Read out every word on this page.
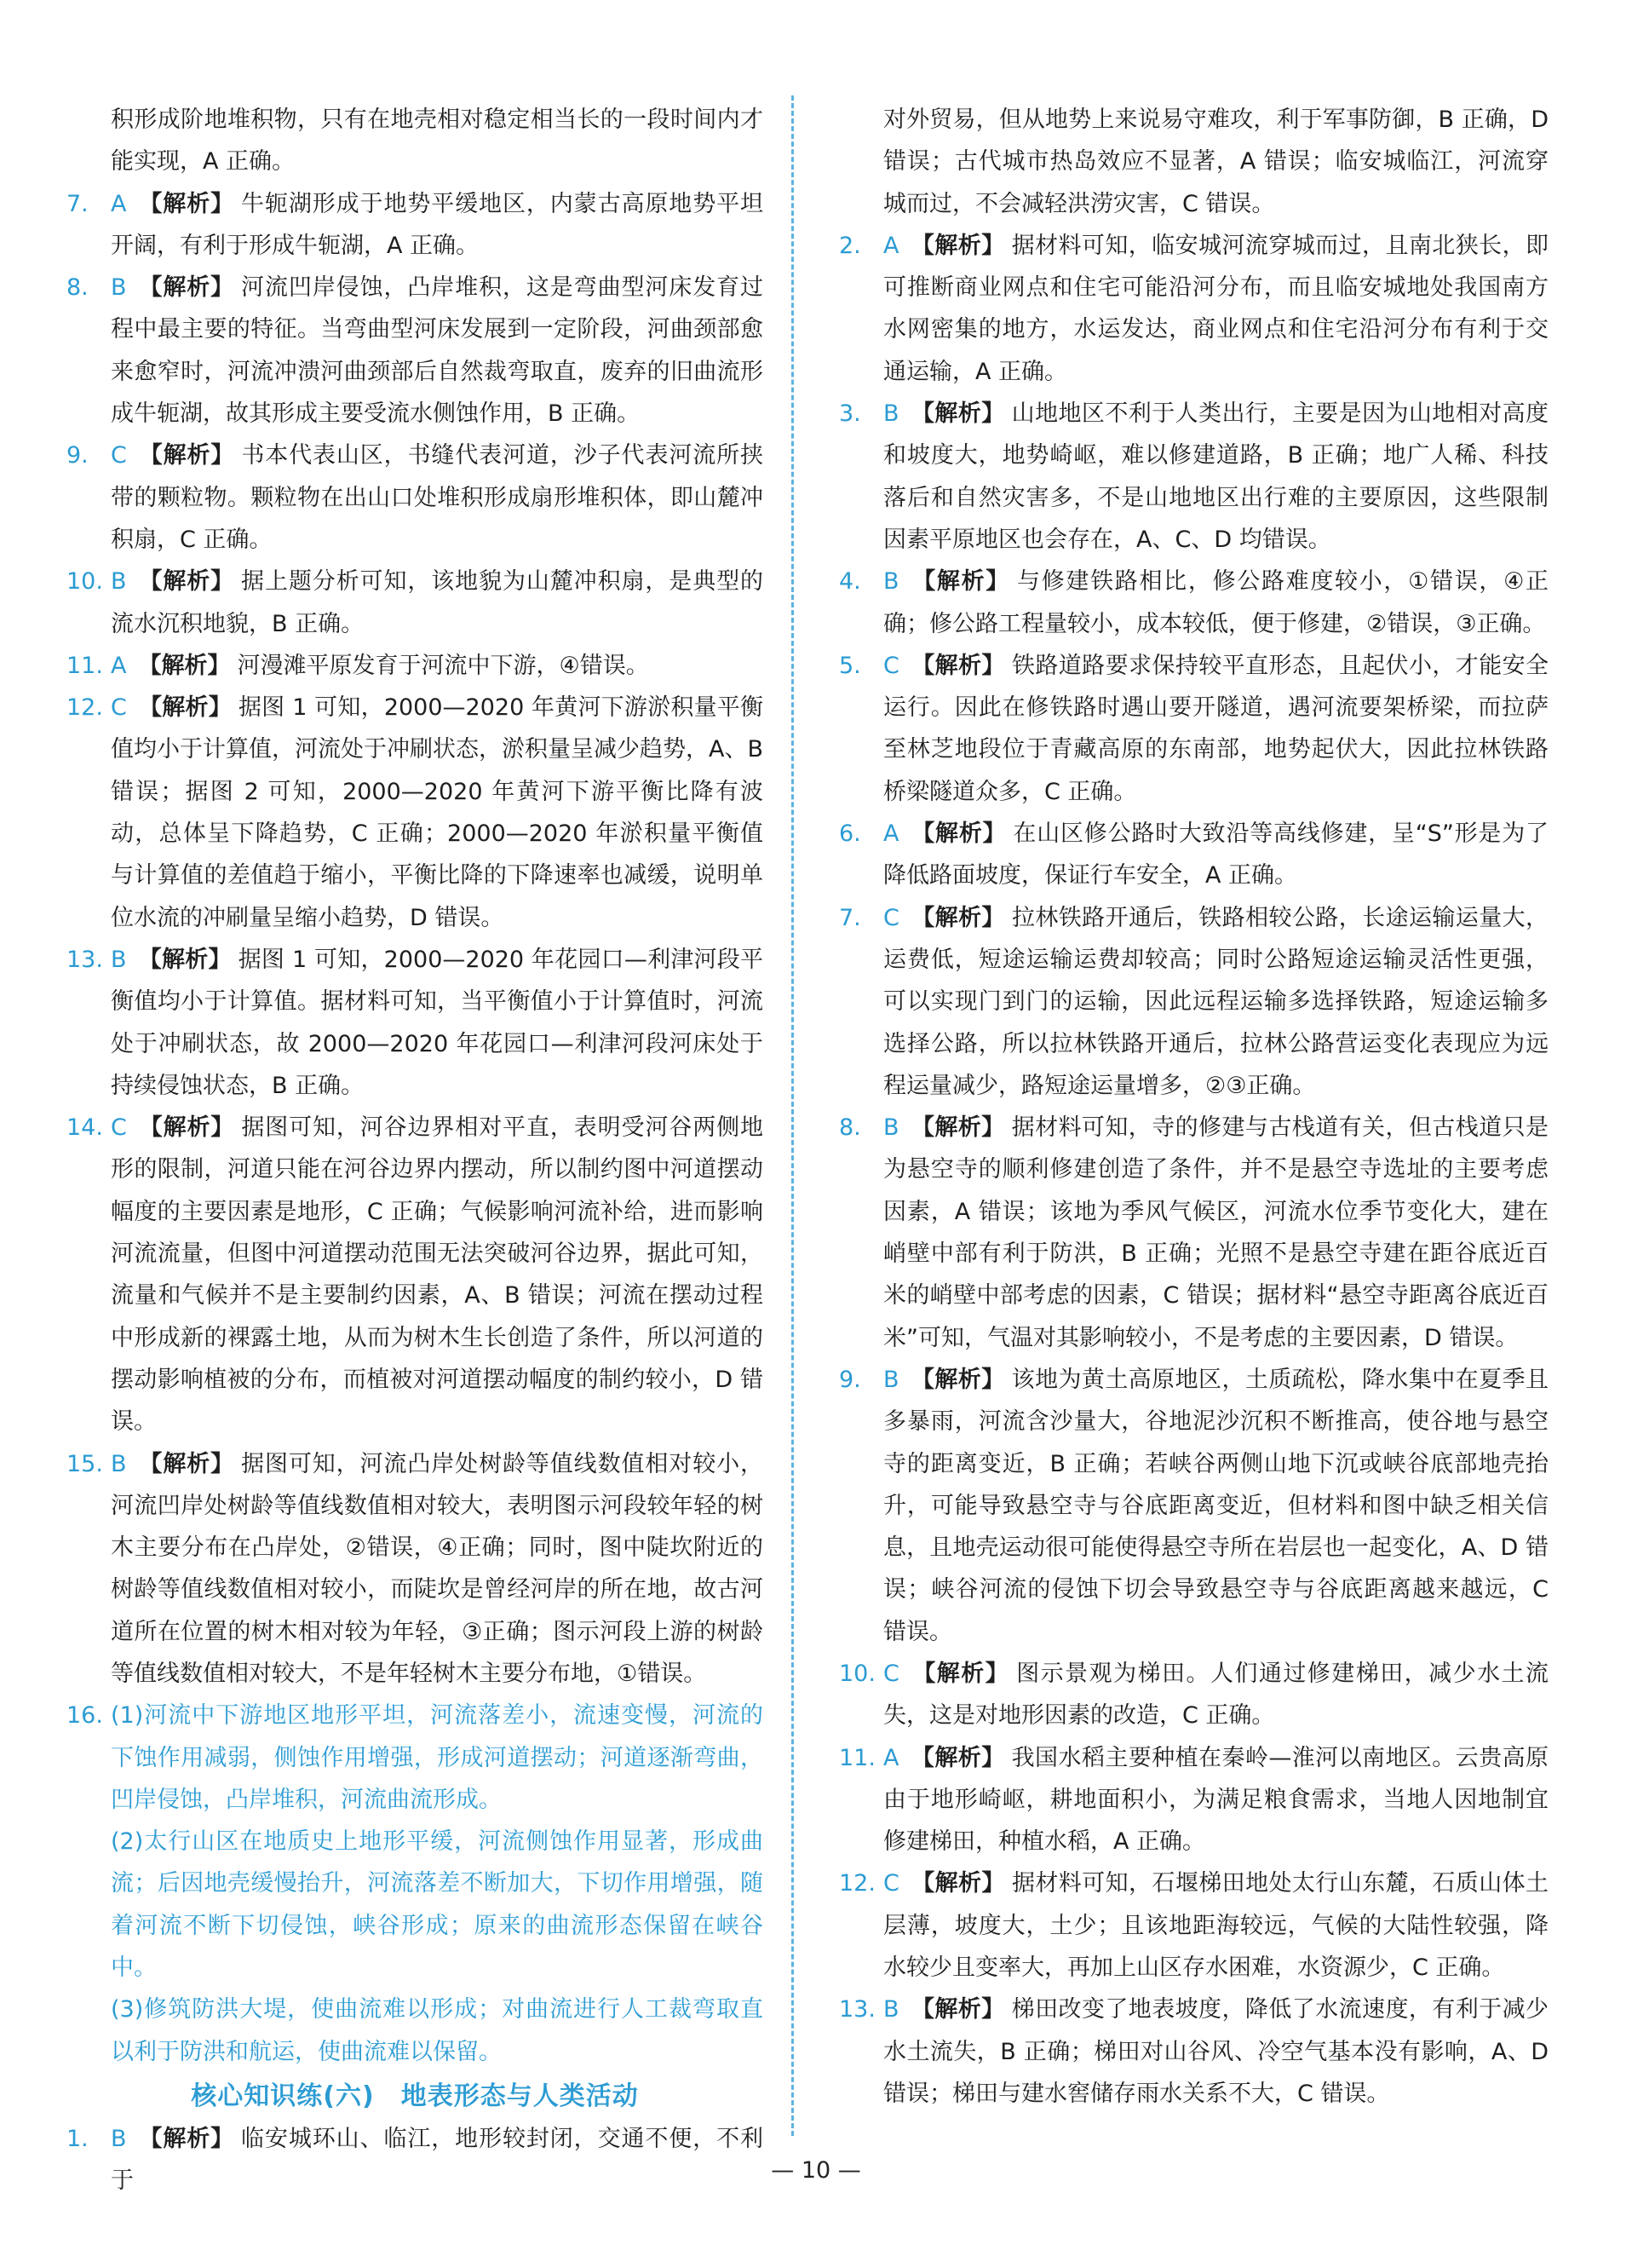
积形成阶地堆积物，只有在地壳相对稳定相当长的一段时间内才能实现，A 正确。

7. A 【解析】 牛轭湖形成于地势平缓地区，内蒙古高原地势平坦开阔，有利于形成牛轭湖，A 正确。

8. B 【解析】 河流凹岸侵蚀，凸岸堆积，这是弯曲型河床发育过程中最主要的特征。当弯曲型河床发展到一定阶段，河曲颈部愈来愈窄时，河流冲溃河曲颈部后自然裁弯取直，废弃的旧曲流形成牛轭湖，故其形成主要受流水侧蚀作用，B 正确。

9. C 【解析】 书本代表山区，书缝代表河道，沙子代表河流所挟带的颗粒物。颗粒物在出山口处堆积形成扇形堆积体，即山麓冲积扇，C 正确。

10. B 【解析】 据上题分析可知，该地貌为山麓冲积扇，是典型的流水沉积地貌，B 正确。

11. A 【解析】 河漫滩平原发育于河流中下游，④错误。

12. C 【解析】 据图 1 可知，2000—2020 年黄河下游淤积量平衡值均小于计算值，河流处于冲刷状态，淤积量呈减少趋势，A、B 错误；据图 2 可知，2000—2020 年黄河下游平衡比降有波动，总体呈下降趋势，C 正确；2000—2020 年淤积量平衡值与计算值的差值趋于缩小，平衡比降的下降速率也减缓，说明单位水流的冲刷量呈缩小趋势，D 错误。

13. B 【解析】 据图 1 可知，2000—2020 年花园口—利津河段平衡值均小于计算值。据材料可知，当平衡值小于计算值时，河流处于冲刷状态，故 2000—2020 年花园口—利津河段河床处于持续侵蚀状态，B 正确。

14. C 【解析】 据图可知，河谷边界相对平直，表明受河谷两侧地形的限制，河道只能在河谷边界内摆动，所以制约图中河道摆动幅度的主要因素是地形，C 正确；气候影响河流补给，进而影响河流流量，但图中河道摆动范围无法突破河谷边界，据此可知，流量和气候并不是主要制约因素，A、B 错误；河流在摆动过程中形成新的裸露土地，从而为树木生长创造了条件，所以河道的摆动影响植被的分布，而植被对河道摆动幅度的制约较小，D 错误。

15. B 【解析】 据图可知，河流凸岸处树龄等值线数值相对较小，河流凹岸处树龄等值线数值相对较大，表明图示河段较年轻的树木主要分布在凸岸处，②错误，④正确；同时，图中陡坎附近的树龄等值线数值相对较小，而陡坎是曾经河岸的所在地，故古河道所在位置的树木相对较为年轻，③正确；图示河段上游的树龄等值线数值相对较大，不是年轻树木主要分布地，①错误。

16. (1)河流中下游地区地形平坦，河流落差小，流速变慢，河流的下蚀作用减弱，侧蚀作用增强，形成河道摆动；河道逐渐弯曲，凹岸侵蚀，凸岸堆积，河流曲流形成。
(2)太行山区在地质史上地形平缓，河流侧蚀作用显著，形成曲流；后因地壳缓慢抬升，河流落差不断加大，下切作用增强，随着河流不断下切侵蚀，峡谷形成；原来的曲流形态保留在峡谷中。
(3)修筑防洪大堤，使曲流难以形成；对曲流进行人工裁弯取直以利于防洪和航运，使曲流难以保留。
核心知识练(六)　地表形态与人类活动

1. B 【解析】 临安城环山、临江，地形较封闭，交通不便，不利于

对外贸易，但从地势上来说易守难攻，利于军事防御，B 正确，D 错误；古代城市热岛效应不显著，A 错误；临安城临江，河流穿城而过，不会减轻洪涝灾害，C 错误。

2. A 【解析】 据材料可知，临安城河流穿城而过，且南北狭长，即可推断商业网点和住宅可能沿河分布，而且临安城地处我国南方水网密集的地方，水运发达，商业网点和住宅沿河分布有利于交通运输，A 正确。

3. B 【解析】 山地地区不利于人类出行，主要是因为山地相对高度和坡度大，地势崎岖，难以修建道路，B 正确；地广人稀、科技落后和自然灾害多，不是山地地区出行难的主要原因，这些限制因素平原地区也会存在，A、C、D 均错误。

4. B 【解析】 与修建铁路相比，修公路难度较小，①错误，④正确；修公路工程量较小，成本较低，便于修建，②错误，③正确。

5. C 【解析】 铁路道路要求保持较平直形态，且起伏小，才能安全运行。因此在修铁路时遇山要开隧道，遇河流要架桥梁，而拉萨至林芝地段位于青藏高原的东南部，地势起伏大，因此拉林铁路桥梁隧道众多，C 正确。

6. A 【解析】 在山区修公路时大致沿等高线修建，呈“S”形是为了降低路面坡度，保证行车安全，A 正确。

7. C 【解析】 拉林铁路开通后，铁路相较公路，长途运输运量大，运费低，短途运输运费却较高；同时公路短途运输灵活性更强，可以实现门到门的运输，因此远程运输多选择铁路，短途运输多选择公路，所以拉林铁路开通后，拉林公路营运变化表现应为远程运量减少，路短途运量增多，②③正确。

8. B 【解析】 据材料可知，寺的修建与古栈道有关，但古栈道只是为悬空寺的顺利修建创造了条件，并不是悬空寺选址的主要考虑因素，A 错误；该地为季风气候区，河流水位季节变化大，建在峭壁中部有利于防洪，B 正确；光照不是悬空寺建在距谷底近百米的峭壁中部考虑的因素，C 错误；据材料“悬空寺距离谷底近百米”可知，气温对其影响较小，不是考虑的主要因素，D 错误。

9. B 【解析】 该地为黄土高原地区，土质疏松，降水集中在夏季且多暴雨，河流含沙量大，谷地泥沙沉积不断推高，使谷地与悬空寺的距离变近，B 正确；若峡谷两侧山地下沉或峡谷底部地壳抬升，可能导致悬空寺与谷底距离变近，但材料和图中缺乏相关信息，且地壳运动很可能使得悬空寺所在岩层也一起变化，A、D 错误；峡谷河流的侵蚀下切会导致悬空寺与谷底距离越来越远，C 错误。

10. C 【解析】 图示景观为梯田。人们通过修建梯田，减少水土流失，这是对地形因素的改造，C 正确。

11. A 【解析】 我国水稻主要种植在秦岭—淮河以南地区。云贵高原由于地形崎岖，耕地面积小，为满足粮食需求，当地人因地制宜修建梯田，种植水稻，A 正确。

12. C 【解析】 据材料可知，石堰梯田地处太行山东麓，石质山体土层薄，坡度大，土少；且该地距海较远，气候的大陆性较强，降水较少且变率大，再加上山区存水困难，水资源少，C 正确。

13. B 【解析】 梯田改变了地表坡度，降低了水流速度，有利于减少水土流失，B 正确；梯田对山谷风、冷空气基本没有影响，A、D 错误；梯田与建水窖储存雨水关系不大，C 错误。

— 10 —
